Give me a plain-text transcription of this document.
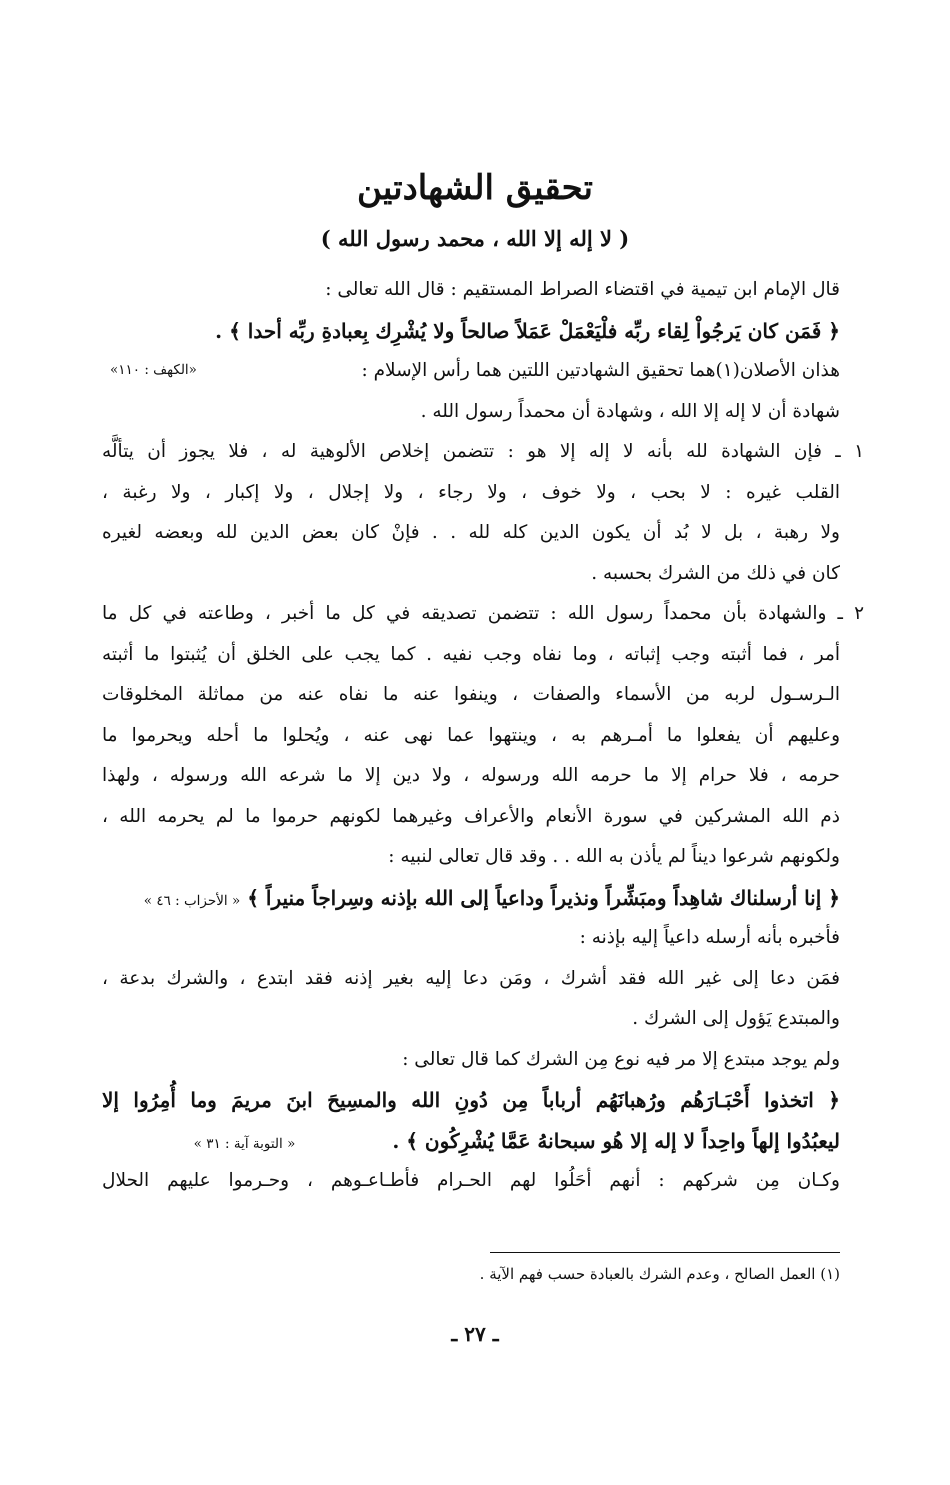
تحقيق الشهادتين
( لا إله إلا الله ، محمد رسول الله )
قال الإمام ابن تيمية في اقتضاء الصراط المستقيم : قال الله تعالى :
﴿ فَمَن كان يَرجُواْ لِقاء ربِّه فلْيَعْمَلْ عَمَلاً صالحاً ولا يُشْرِك بِعبادةِ ربِّه أحدا ﴾ .
هذان الأصلان(١)هما تحقيق الشهادتين اللتين هما رأس الإسلام :
شهادة أن لا إله إلا الله ، وشهادة أن محمداً رسول الله .
١ ـ فإن الشهادة لله بأنه لا إله إلا هو : تتضمن إخلاص الألوهية له ، فلا يجوز أن يتألَّه
القلب غيره : لا بحب ، ولا خوف ، ولا رجاء ، ولا إجلال ، ولا إكبار ، ولا رغبة ،
ولا رهبة ، بل لا بُد أن يكون الدين كله لله . . فإنْ كان بعض الدين لله وبعضه لغيره
كان في ذلك من الشرك بحسبه .
٢ ـ والشهادة بأن محمداً رسول الله : تتضمن تصديقه في كل ما أخبر ، وطاعته في كل ما
أمر ، فما أثبته وجب إثباته ، وما نفاه وجب نفيه . كما يجب على الخلق أن يُثبتوا ما أثبته
الـرسـول لربه من الأسماء والصفات ، وينفوا عنه ما نفاه عنه من مماثلة المخلوقات
وعليهم أن يفعلوا ما أمـرهم به ، وينتهوا عما نهى عنه ، ويُحلوا ما أحله ويحرموا ما
حرمه ، فلا حرام إلا ما حرمه الله ورسوله ، ولا دين إلا ما شرعه الله ورسوله ، ولهذا
ذم الله المشركين في سورة الأنعام والأعراف وغيرهما لكونهم حرموا ما لم يحرمه الله ،
ولكونهم شرعوا ديناً لم يأذن به الله . . وقد قال تعالى لنبيه :
﴿ إنا أرسلناك شاهِداً ومبَشِّراً ونذيراً وداعياً إلى الله بإذنه وسِراجاً منيراً ﴾ « الأحزاب : ٤٦ »
فأخبره بأنه أرسله داعياً إليه بإذنه :
فمَن دعا إلى غير الله فقد أشرك ، ومَن دعا إليه بغير إذنه فقد ابتدع ، والشرك بدعة ،
والمبتدع يَؤول إلى الشرك .
ولم يوجد مبتدع إلا مر فيه نوع مِن الشرك كما قال تعالى :
﴿ اتخذوا أَحْبَـارَهُم ورُهبانَهُم أرباباً مِن دُونِ الله والمسِيحَ ابنَ مريمَ وما أُمِرُوا إلا
ليعبُدُوا إلهاً واحِداً لا إله إلا هُو سبحانهُ عَمَّا يُشْرِكُون ﴾ . « التوبة آية : ٣١ »
وكـان مِن شركهم : أنهم أحَلُوا لهم الحـرام فأطـاعـوهم ، وحـرموا عليهم الحلال
«الكهف : ١١٠»
(١) العمل الصالح ، وعدم الشرك بالعبادة حسب فهم الآية .
ـ ٢٧ ـ
